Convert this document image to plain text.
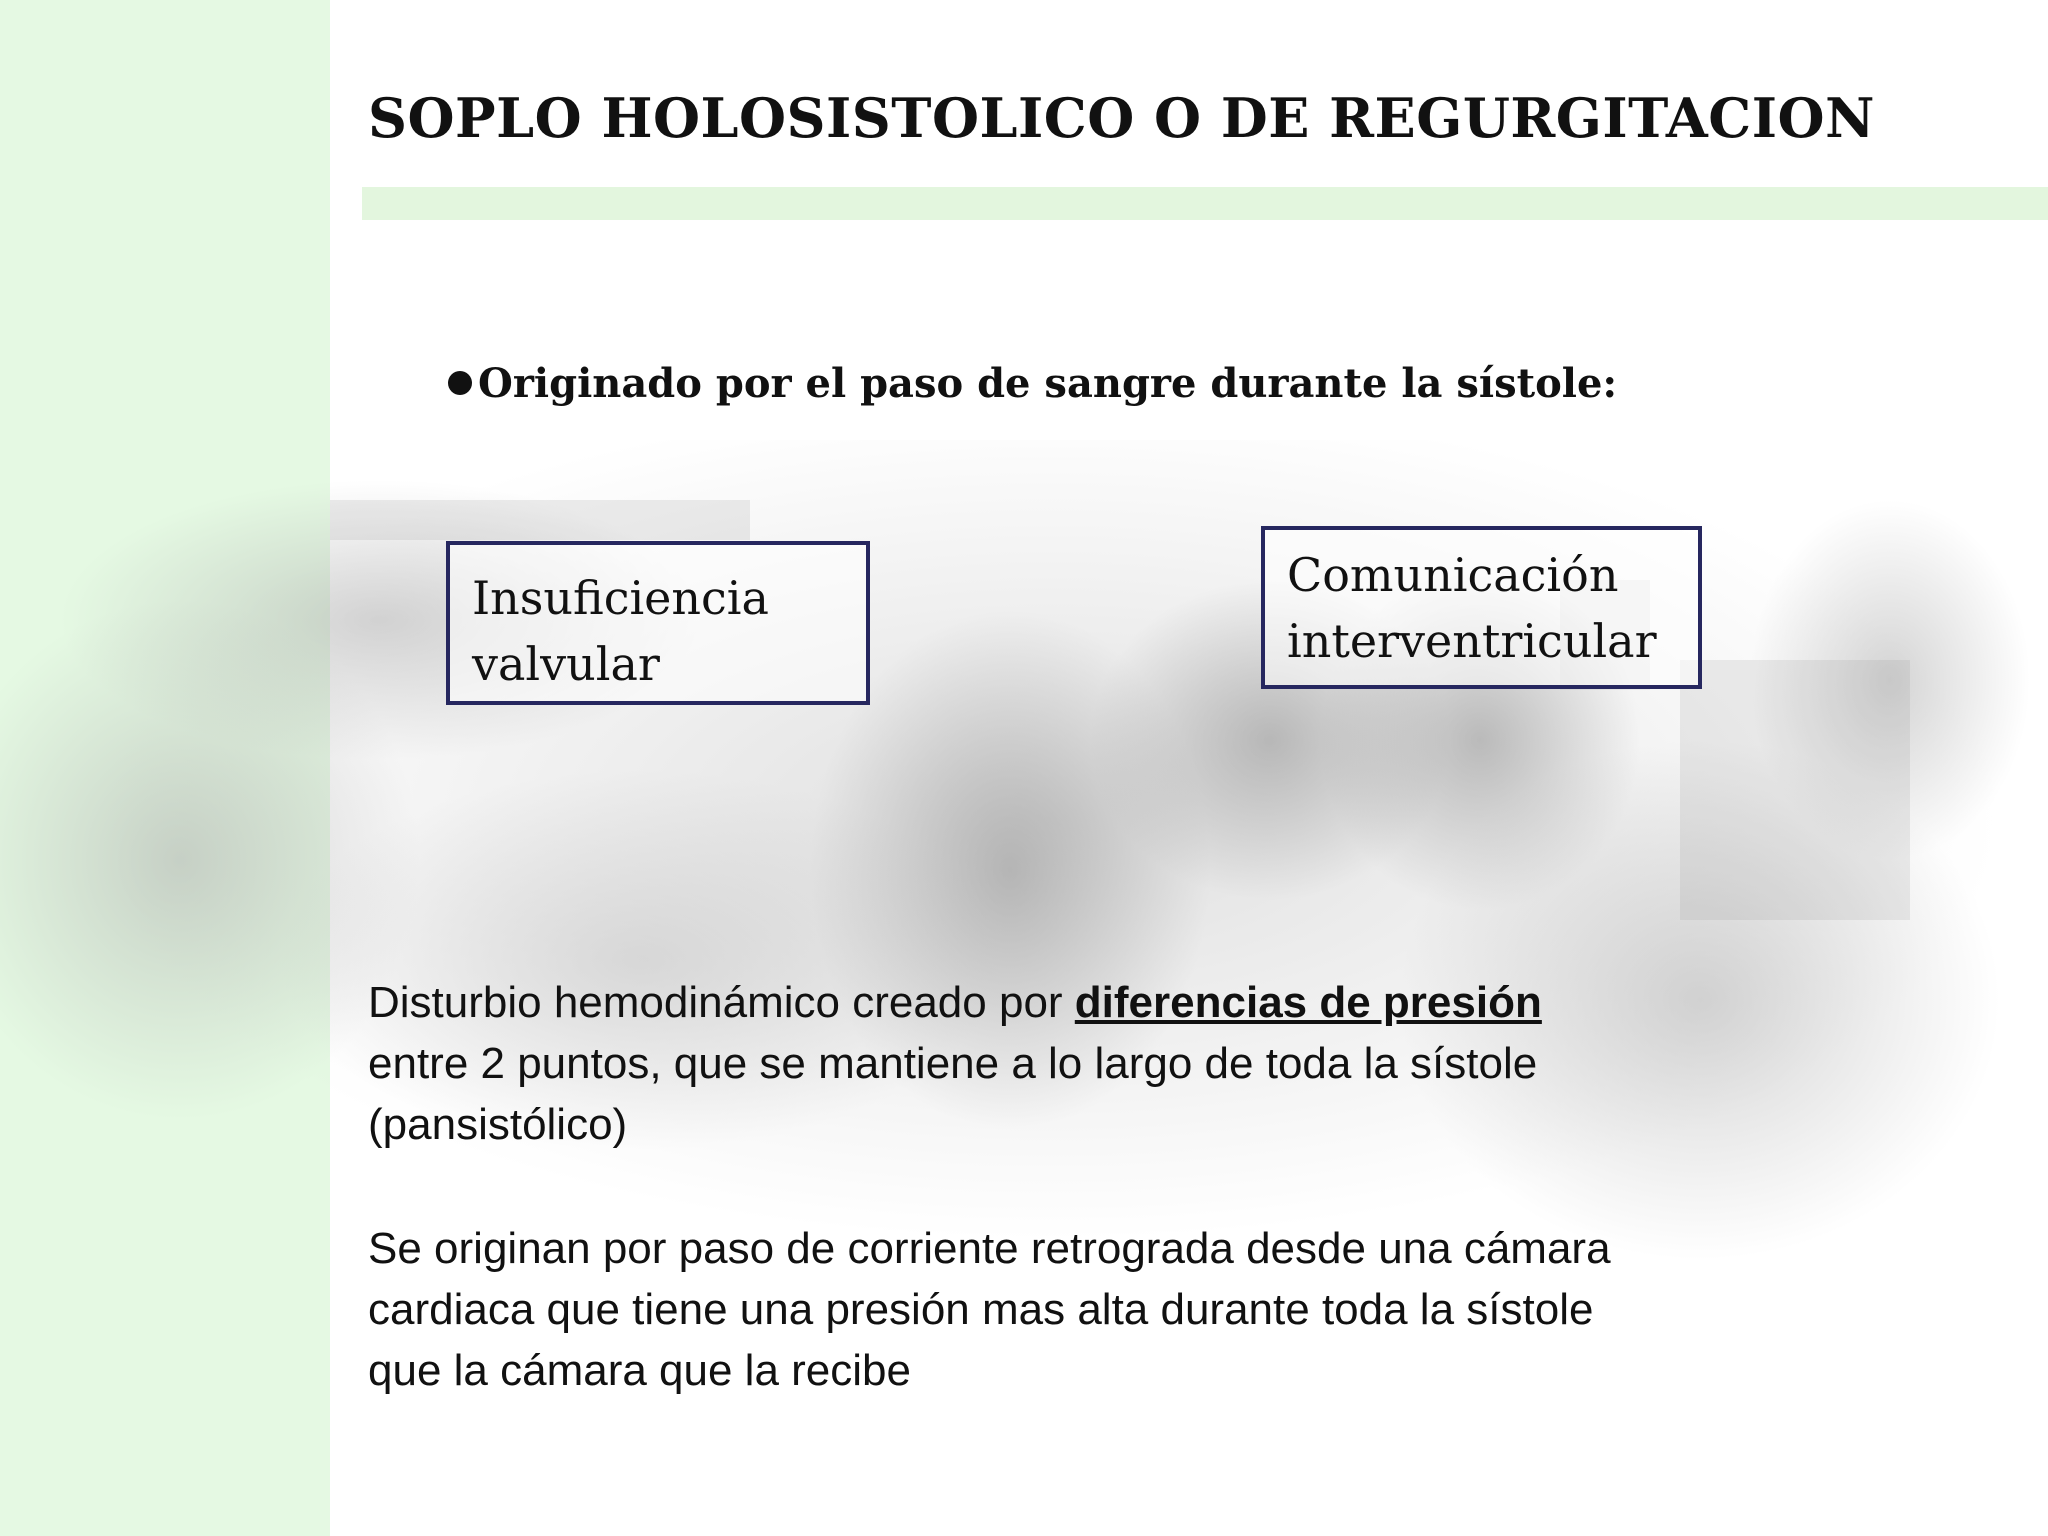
SOPLO HOLOSISTOLICO O DE REGURGITACION
Originado por el paso de sangre durante la sístole:
Insuficiencia
valvular
Comunicación
interventricular

Disturbio hemodinámico creado por diferencias de presión
entre 2 puntos, que se mantiene a lo largo de toda la sístole
(pansistólico)

Se originan por paso de corriente retrograda desde una cámara
cardiaca que tiene una presión mas alta durante toda la sístole
que la cámara que la recibe
